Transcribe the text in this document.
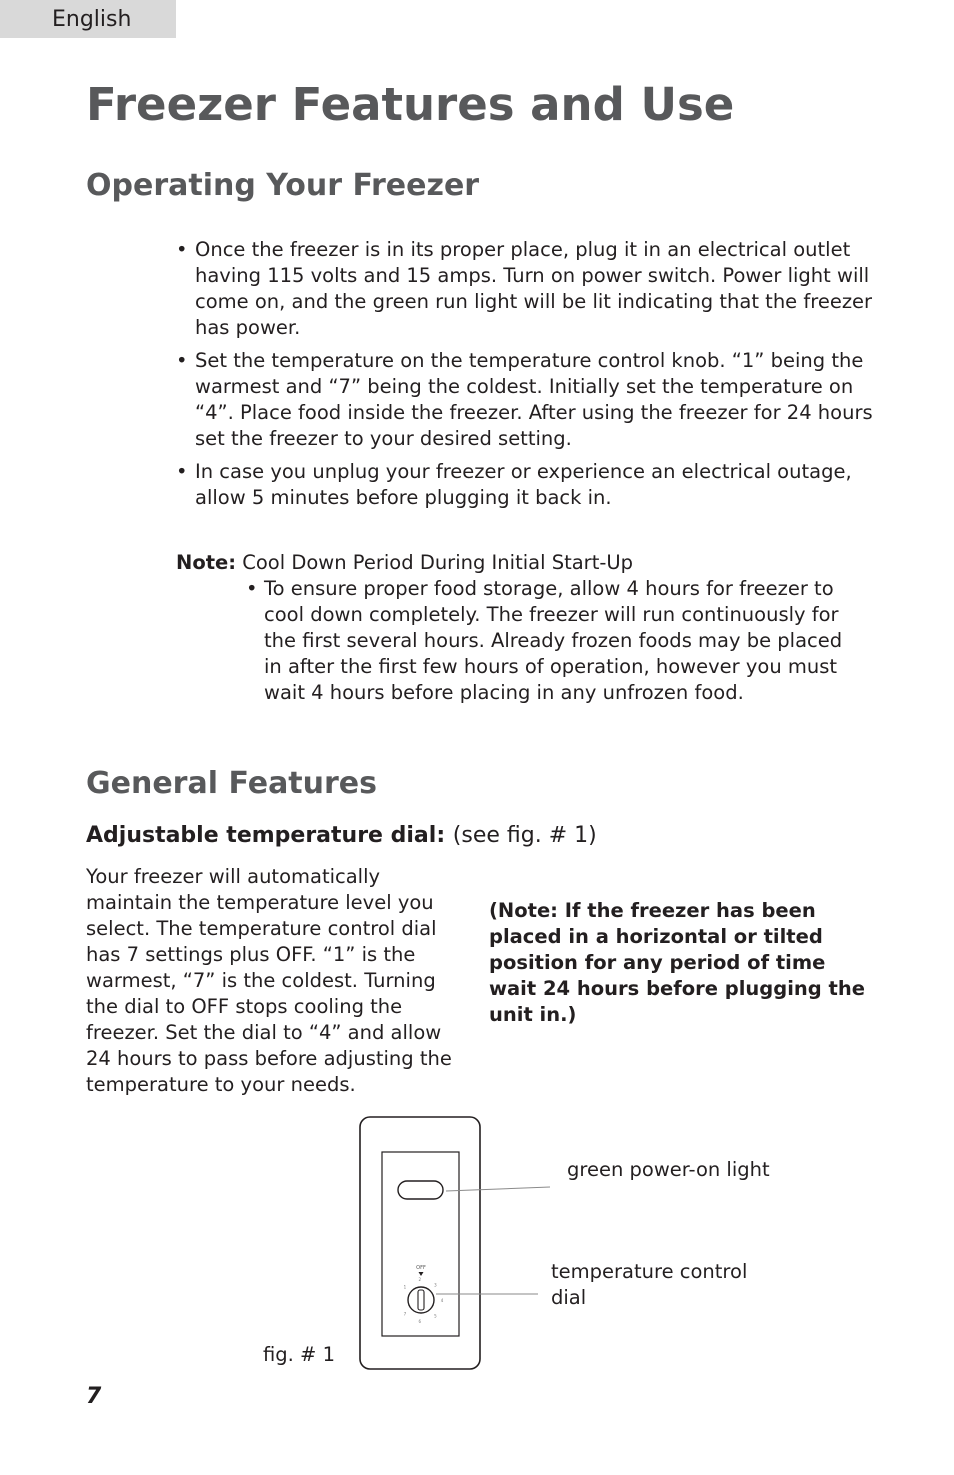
English
Freezer Features and Use
Operating Your Freezer
• Once the freezer is in its proper place, plug it in an electrical outlet having 115 volts and 15 amps. Turn on power switch. Power light will come on, and the green run light will be lit indicating that the freezer has power.
• Set the temperature on the temperature control knob. “1” being the warmest and “7” being the coldest. Initially set the temperature on “4”. Place food inside the freezer. After using the freezer for 24 hours set the freezer to your desired setting.
• In case you unplug your freezer or experience an electrical outage, allow 5 minutes before plugging it back in.
Note: Cool Down Period During Initial Start-Up
• To ensure proper food storage, allow 4 hours for freezer to cool down completely. The freezer will run continuously for the first several hours. Already frozen foods may be placed in after the first few hours of operation, however you must wait 4 hours before placing in any unfrozen food.
General Features
Adjustable temperature dial: (see fig. # 1)

Your freezer will automatically maintain the temperature level you select. The temperature control dial has 7 settings plus OFF. “1” is the warmest, “7” is the coldest. Turning the dial to OFF stops cooling the freezer. Set the dial to “4” and allow 24 hours to pass before adjusting the temperature to your needs.

(Note: If the freezer has been placed in a horizontal or tilted position for any period of time wait 24 hours before plugging the unit in.)

OFF
1
2
3
4
5
6
7

green power-on light

temperature control dial

fig. # 1

7
